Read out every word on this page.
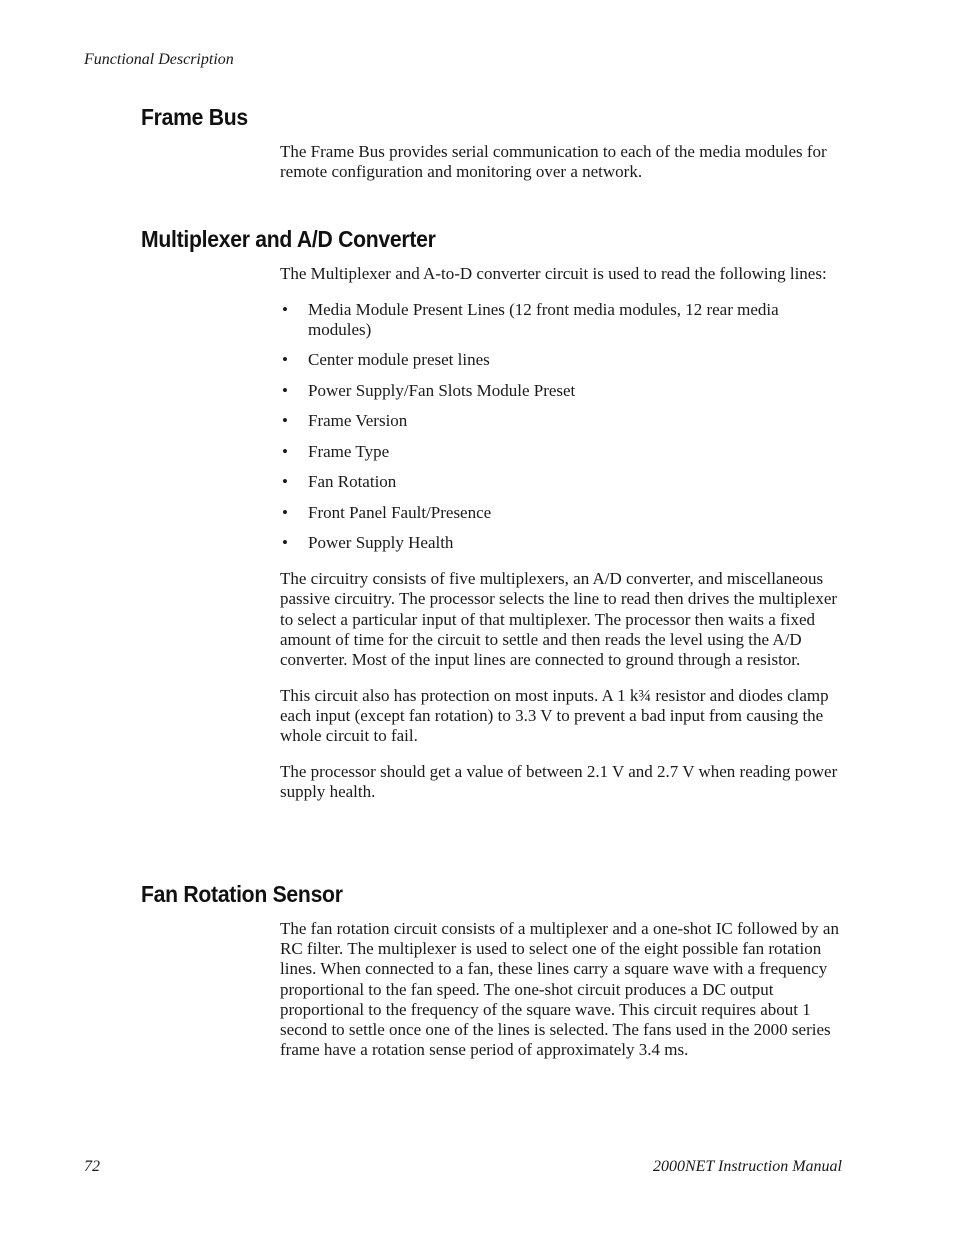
Functional Description
Frame Bus

The Frame Bus provides serial communication to each of the media modules for remote configuration and monitoring over a network.

Multiplexer and A/D Converter

The Multiplexer and A-to-D converter circuit is used to read the following lines:

• Media Module Present Lines (12 front media modules, 12 rear media modules)
• Center module preset lines
• Power Supply/Fan Slots Module Preset
• Frame Version
• Frame Type
• Fan Rotation
• Front Panel Fault/Presence
• Power Supply Health

The circuitry consists of five multiplexers, an A/D converter, and miscellaneous passive circuitry. The processor selects the line to read then drives the multiplexer to select a particular input of that multiplexer. The processor then waits a fixed amount of time for the circuit to settle and then reads the level using the A/D converter. Most of the input lines are connected to ground through a resistor.

This circuit also has protection on most inputs. A 1 k¾ resistor and diodes clamp each input (except fan rotation) to 3.3 V to prevent a bad input from causing the whole circuit to fail.

The processor should get a value of between 2.1 V and 2.7 V when reading power supply health.

Fan Rotation Sensor

The fan rotation circuit consists of a multiplexer and a one-shot IC followed by an RC filter. The multiplexer is used to select one of the eight possible fan rotation lines. When connected to a fan, these lines carry a square wave with a frequency proportional to the fan speed. The one-shot circuit produces a DC output proportional to the frequency of the square wave. This circuit requires about 1 second to settle once one of the lines is selected. The fans used in the 2000 series frame have a rotation sense period of approximately 3.4 ms.

72	2000NET Instruction Manual
